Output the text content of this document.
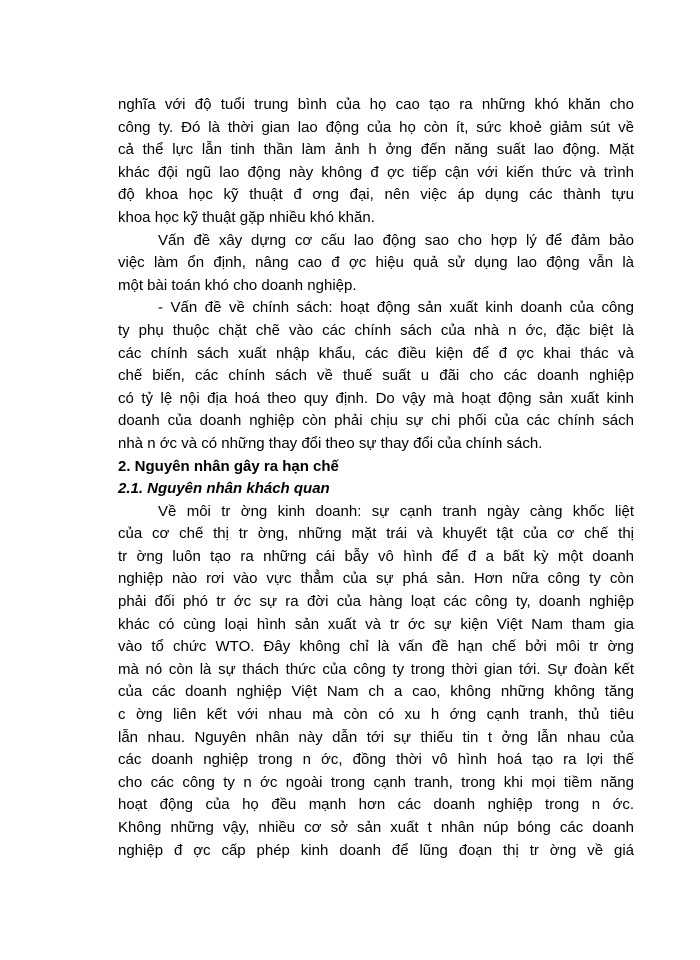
nghĩa với độ tuổi trung bình của họ cao tạo ra những khó khăn cho
công ty. Đó là thời gian lao động của họ còn ít, sức khoẻ giảm sút về
cả thể lực lẫn tinh thần làm ảnh h ởng đến năng suất lao động. Mặt
khác đội ngũ lao động này không đ ợc tiếp cận với kiến thức và trình
độ khoa học kỹ thuật đ ơng đại, nên việc áp dụng các thành tựu
khoa học kỹ thuật gặp nhiều khó khăn.
Vấn đề xây dựng cơ cấu lao động sao cho hợp lý để đảm bảo
việc làm ổn định, nâng cao đ ợc hiệu quả sử dụng lao động vẫn là
một bài toán khó cho doanh nghiệp.
- Vấn đề về chính sách: hoạt động sản xuất kinh doanh của công
ty phụ thuộc chặt chẽ vào các chính sách của nhà n ớc, đặc biệt là
các chính sách xuất nhập khẩu, các điều kiện để đ ợc khai thác và
chế biến, các chính sách về thuế suất u đãi cho các doanh nghiệp
có tỷ lệ nội địa hoá theo quy định. Do vậy mà hoạt động sản xuất kinh
doanh của doanh nghiệp còn phải chịu sự chi phối của các chính sách
nhà n ớc và có những thay đổi theo sự thay đổi của chính sách.
2. Nguyên nhân gây ra hạn chế
2.1. Nguyên nhân khách quan
Về môi tr ờng kinh doanh: sự cạnh tranh ngày càng khốc liệt
của cơ chế thị tr ờng, những mặt trái và khuyết tật của cơ chế thị
tr ờng luôn tạo ra những cái bẫy vô hình để đ a bất kỳ một doanh
nghiệp nào rơi vào vực thẳm của sự phá sản. Hơn nữa công ty còn
phải đối phó tr ớc sự ra đời của hàng loạt các công ty, doanh nghiệp
khác có cùng loại hình sản xuất và tr ớc sự kiện Việt Nam tham gia
vào tổ chức WTO. Đây không chỉ là vấn đề hạn chế bởi môi tr ờng
mà nó còn là sự thách thức của công ty trong thời gian tới. Sự đoàn kết
của các doanh nghiệp Việt Nam ch a cao, không những không tăng
c ờng liên kết với nhau mà còn có xu h ớng cạnh tranh, thủ tiêu
lẫn nhau. Nguyên nhân này dẫn tới sự thiếu tin t ởng lẫn nhau của
các doanh nghiệp trong n ớc, đồng thời vô hình hoá tạo ra lợi thế
cho các công ty n ớc ngoài trong cạnh tranh, trong khi mọi tiềm năng
hoạt động của họ đều mạnh hơn các doanh nghiệp trong n ớc.
Không những vậy, nhiều cơ sở sản xuất t nhân núp bóng các doanh
nghiệp đ ợc cấp phép kinh doanh để lũng đoạn thị tr ờng về giá
